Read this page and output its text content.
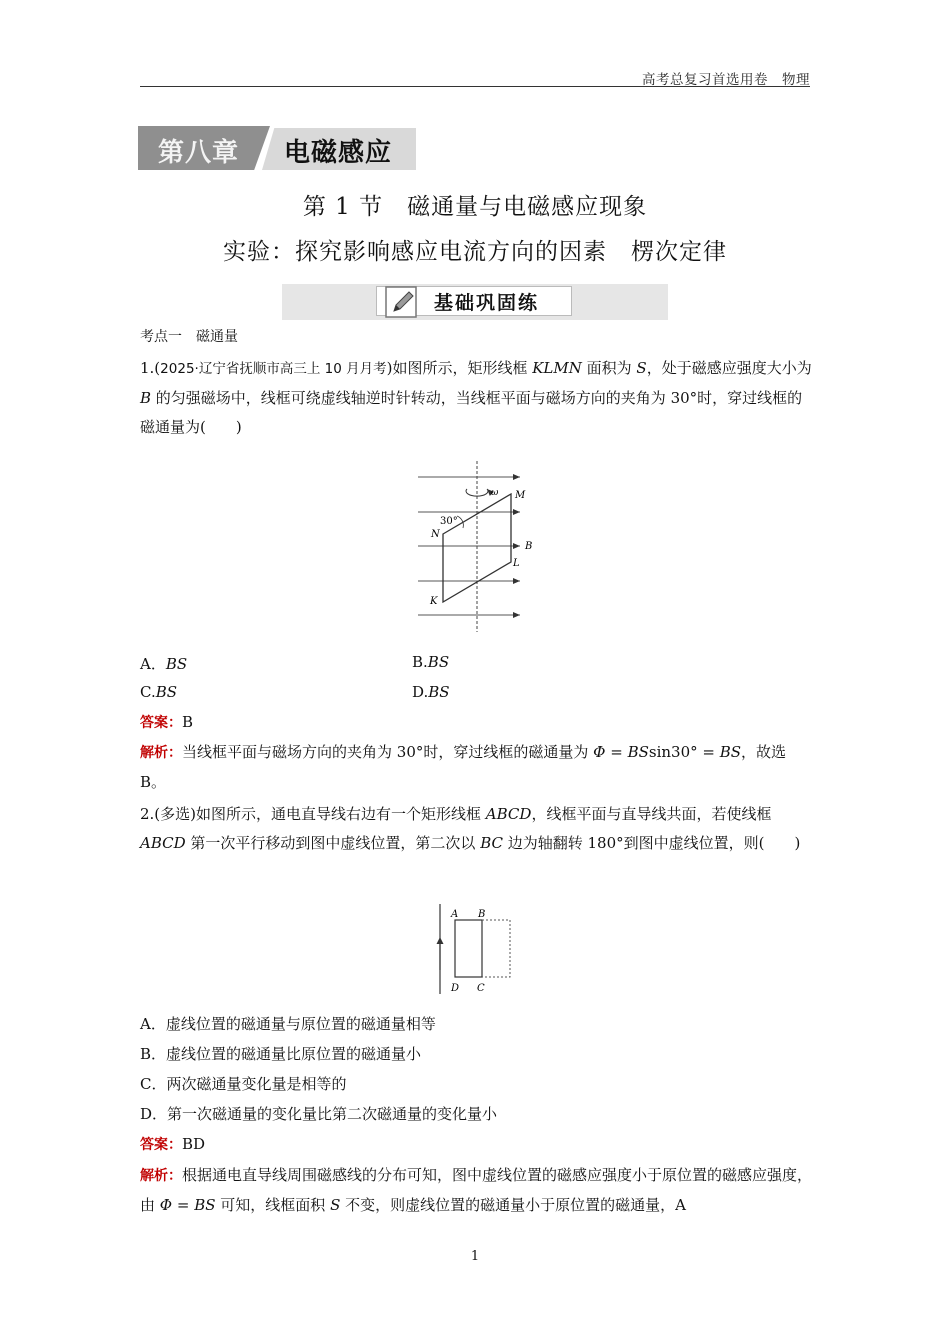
高考总复习首选用卷　物理
第八章 电磁感应
第 1 节　磁通量与电磁感应现象
实验：探究影响感应电流方向的因素　楞次定律
基础巩固练
考点一　磁通量
1.(2025·辽宁省抚顺市高三上 10 月月考)如图所示，矩形线框 KLMN 面积为 S，处于磁感应强度大小为 B 的匀强磁场中，线框可绕虚线轴逆时针转动，当线框平面与磁场方向的夹角为 30°时，穿过线框的磁通量为(　　)
ω
30°
M
N
B
L
K
A．BS	B.BS
C.BS	D.BS
答案：B
解析：当线框平面与磁场方向的夹角为 30°时，穿过线框的磁通量为 Φ = BSsin30° = BS，故选 B。
2.(多选)如图所示，通电直导线右边有一个矩形线框 ABCD，线框平面与直导线共面，若使线框 ABCD 第一次平行移动到图中虚线位置，第二次以 BC 边为轴翻转 180°到图中虚线位置，则(　　)
A B
D C
A．虚线位置的磁通量与原位置的磁通量相等
B．虚线位置的磁通量比原位置的磁通量小
C．两次磁通量变化量是相等的
D．第一次磁通量的变化量比第二次磁通量的变化量小
答案：BD
解析：根据通电直导线周围磁感线的分布可知，图中虚线位置的磁感应强度小于原位置的磁感应强度，由 Φ = BS 可知，线框面积 S 不变，则虚线位置的磁通量小于原位置的磁通量，A
1
